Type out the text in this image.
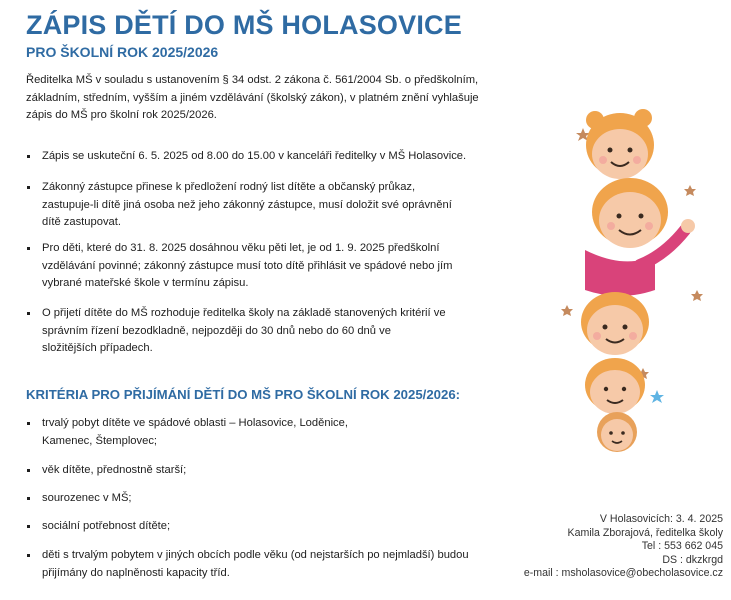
ZÁPIS DĚTÍ DO MŠ HOLASOVICE
PRO ŠKOLNÍ ROK 2025/2026

Ředitelka MŠ v souladu s ustanovením § 34 odst. 2 zákona č. 561/2004 Sb. o předškolním, základním, středním, vyšším a jiném vzdělávání (školský zákon), v platném znění vyhlašuje zápis do MŠ pro školní rok 2025/2026.

Zápis se uskuteční 6. 5. 2025 od 8.00 do 15.00 v kanceláři ředitelky v MŠ Holasovice.
Zákonný zástupce přinese k předložení rodný list dítěte a občanský průkaz, zastupuje-li dítě jiná osoba než jeho zákonný zástupce, musí doložit své oprávnění dítě zastupovat.
Pro děti, které do 31. 8. 2025 dosáhnou věku pěti let, je od 1. 9. 2025 předškolní vzdělávání povinné; zákonný zástupce musí toto dítě přihlásit ve spádové nebo jím vybrané mateřské škole v termínu zápisu.
O přijetí dítěte do MŠ rozhoduje ředitelka školy na základě stanovených kritérií ve správním řízení bezodkladně, nejpozději do 30 dnů nebo do 60 dnů ve složitějších případech.
KRITÉRIA PRO PŘIJÍMÁNÍ DĚTÍ DO MŠ PRO ŠKOLNÍ ROK 2025/2026:
trvalý pobyt dítěte ve spádové oblasti – Holasovice, Loděnice, Kamenec, Štemplovec;
věk dítěte, přednostně starší;
sourozenec v MŠ;
sociální potřebnost dítěte;
děti s trvalým pobytem v jiných obcích podle věku (od nejstarších po nejmladší) budou přijímány do naplněnosti kapacity tříd.
V Holasovicích: 3. 4. 2025
Kamila Zborajová, ředitelka školy
Tel : 553 662 045
DS : dkzkrgd
e-mail : msholasovice@obecholasovice.cz
